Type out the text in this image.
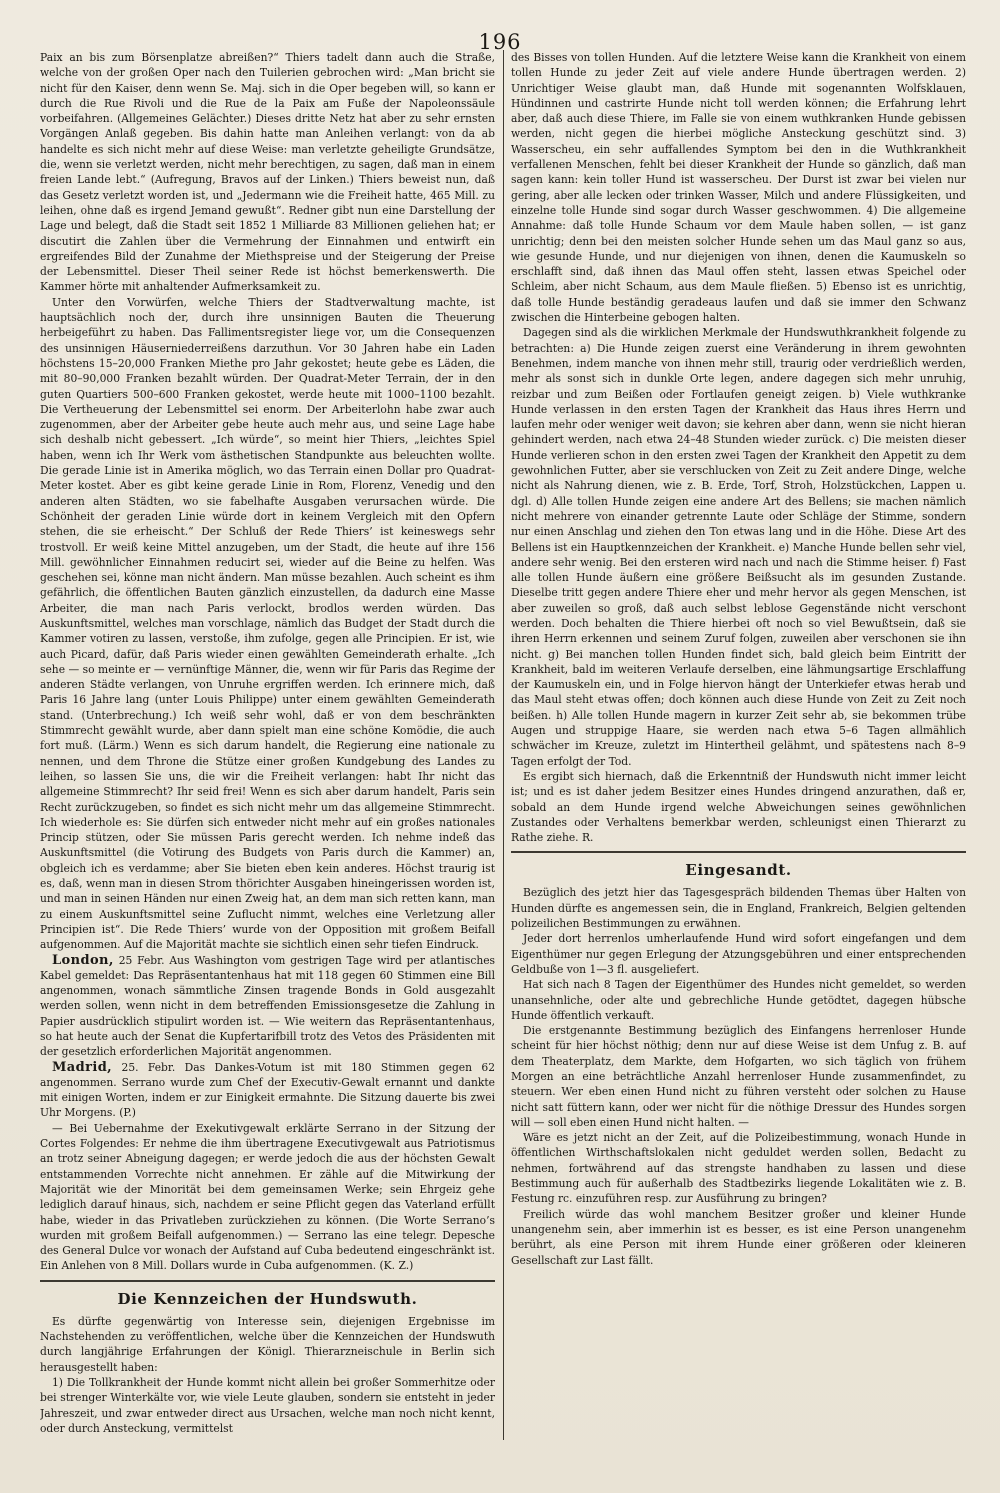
196

Paix an bis zum Börsenplatze abreißen?“ Thiers tadelt dann auch die Straße, welche von der großen Oper nach den Tuilerien gebrochen wird: „Man bricht sie nicht für den Kaiser, denn wenn Se. Maj. sich in die Oper begeben will, so kann er durch die Rue Rivoli und die Rue de la Paix am Fuße der Napoleonssäule vorbeifahren. (Allgemeines Gelächter.) Dieses dritte Netz hat aber zu sehr ernsten Vorgängen Anlaß gegeben. Bis dahin hatte man Anleihen verlangt: von da ab handelte es sich nicht mehr auf diese Weise: man verletzte geheiligte Grundsätze, die, wenn sie verletzt werden, nicht mehr berechtigen, zu sagen, daß man in einem freien Lande lebt.“ (Aufregung, Bravos auf der Linken.) Thiers beweist nun, daß das Gesetz verletzt worden ist, und „Jedermann wie die Freiheit hatte, 465 Mill. zu leihen, ohne daß es irgend Jemand gewußt“. Redner gibt nun eine Darstellung der Lage und belegt, daß die Stadt seit 1852 1 Milliarde 83 Millionen geliehen hat; er discutirt die Zahlen über die Vermehrung der Einnahmen und entwirft ein ergreifendes Bild der Zunahme der Miethspreise und der Steigerung der Preise der Lebensmittel. Dieser Theil seiner Rede ist höchst bemerkenswerth. Die Kammer hörte mit anhaltender Aufmerksamkeit zu.

Unter den Vorwürfen, welche Thiers der Stadtverwaltung machte, ist hauptsächlich noch der, durch ihre unsinnigen Bauten die Theuerung herbeigeführt zu haben. Das Fallimentsregister liege vor, um die Consequenzen des unsinnigen Häuserniederreißens darzuthun. Vor 30 Jahren habe ein Laden höchstens 15–20,000 Franken Miethe pro Jahr gekostet; heute gebe es Läden, die mit 80–90,000 Franken bezahlt würden. Der Quadrat-Meter Terrain, der in den guten Quartiers 500–600 Franken gekostet, werde heute mit 1000–1100 bezahlt. Die Vertheuerung der Lebensmittel sei enorm. Der Arbeiterlohn habe zwar auch zugenommen, aber der Arbeiter gebe heute auch mehr aus, und seine Lage habe sich deshalb nicht gebessert. „Ich würde“, so meint hier Thiers, „leichtes Spiel haben, wenn ich Ihr Werk vom ästhetischen Standpunkte aus beleuchten wollte. Die gerade Linie ist in Amerika möglich, wo das Terrain einen Dollar pro Quadrat-Meter kostet. Aber es gibt keine gerade Linie in Rom, Florenz, Venedig und den anderen alten Städten, wo sie fabelhafte Ausgaben verursachen würde. Die Schönheit der geraden Linie würde dort in keinem Vergleich mit den Opfern stehen, die sie erheischt.“ Der Schluß der Rede Thiers’ ist keineswegs sehr trostvoll. Er weiß keine Mittel anzugeben, um der Stadt, die heute auf ihre 156 Mill. gewöhnlicher Einnahmen reducirt sei, wieder auf die Beine zu helfen. Was geschehen sei, könne man nicht ändern. Man müsse bezahlen. Auch scheint es ihm gefährlich, die öffentlichen Bauten gänzlich einzustellen, da dadurch eine Masse Arbeiter, die man nach Paris verlockt, brodlos werden würden. Das Auskunftsmittel, welches man vorschlage, nämlich das Budget der Stadt durch die Kammer votiren zu lassen, verstoße, ihm zufolge, gegen alle Principien. Er ist, wie auch Picard, dafür, daß Paris wieder einen gewählten Gemeinderath erhalte. „Ich sehe — so meinte er — vernünftige Männer, die, wenn wir für Paris das Regime der anderen Städte verlangen, von Unruhe ergriffen werden. Ich erinnere mich, daß Paris 16 Jahre lang (unter Louis Philippe) unter einem gewählten Gemeinderath stand. (Unterbrechung.) Ich weiß sehr wohl, daß er von dem beschränkten Stimmrecht gewählt wurde, aber dann spielt man eine schöne Komödie, die auch fort muß. (Lärm.) Wenn es sich darum handelt, die Regierung eine nationale zu nennen, und dem Throne die Stütze einer großen Kundgebung des Landes zu leihen, so lassen Sie uns, die wir die Freiheit verlangen: habt Ihr nicht das allgemeine Stimmrecht? Ihr seid frei! Wenn es sich aber darum handelt, Paris sein Recht zurückzugeben, so findet es sich nicht mehr um das allgemeine Stimmrecht. Ich wiederhole es: Sie dürfen sich entweder nicht mehr auf ein großes nationales Princip stützen, oder Sie müssen Paris gerecht werden. Ich nehme indeß das Auskunftsmittel (die Votirung des Budgets von Paris durch die Kammer) an, obgleich ich es verdamme; aber Sie bieten eben kein anderes. Höchst traurig ist es, daß, wenn man in diesen Strom thörichter Ausgaben hineingerissen worden ist, und man in seinen Händen nur einen Zweig hat, an dem man sich retten kann, man zu einem Auskunftsmittel seine Zuflucht nimmt, welches eine Verletzung aller Principien ist“. Die Rede Thiers’ wurde von der Opposition mit großem Beifall aufgenommen. Auf die Majorität machte sie sichtlich einen sehr tiefen Eindruck.

London, 25 Febr. Aus Washington vom gestrigen Tage wird per atlantisches Kabel gemeldet: Das Repräsentantenhaus hat mit 118 gegen 60 Stimmen eine Bill angenommen, wonach sämmtliche Zinsen tragende Bonds in Gold ausgezahlt werden sollen, wenn nicht in dem betreffenden Emissionsgesetze die Zahlung in Papier ausdrücklich stipulirt worden ist. — Wie weitern das Repräsentantenhaus, so hat heute auch der Senat die Kupfertarifbill trotz des Vetos des Präsidenten mit der gesetzlich erforderlichen Majorität angenommen.

Madrid, 25. Febr. Das Dankes-Votum ist mit 180 Stimmen gegen 62 angenommen. Serrano wurde zum Chef der Executiv-Gewalt ernannt und dankte mit einigen Worten, indem er zur Einigkeit ermahnte. Die Sitzung dauerte bis zwei Uhr Morgens. (P.)

— Bei Uebernahme der Exekutivgewalt erklärte Serrano in der Sitzung der Cortes Folgendes: Er nehme die ihm übertragene Executivgewalt aus Patriotismus an trotz seiner Abneigung dagegen; er werde jedoch die aus der höchsten Gewalt entstammenden Vorrechte nicht annehmen. Er zähle auf die Mitwirkung der Majorität wie der Minorität bei dem gemeinsamen Werke; sein Ehrgeiz gehe lediglich darauf hinaus, sich, nachdem er seine Pflicht gegen das Vaterland erfüllt habe, wieder in das Privatleben zurückziehen zu können. (Die Worte Serrano’s wurden mit großem Beifall aufgenommen.) — Serrano las eine telegr. Depesche des General Dulce vor wonach der Aufstand auf Cuba bedeutend eingeschränkt ist. Ein Anlehen von 8 Mill. Dollars wurde in Cuba aufgenommen. (K. Z.)

Die Kennzeichen der Hundswuth.

Es dürfte gegenwärtig von Interesse sein, diejenigen Ergebnisse im Nachstehenden zu veröffentlichen, welche über die Kennzeichen der Hundswuth durch langjährige Erfahrungen der Königl. Thierarzneischule in Berlin sich herausgestellt haben:

1) Die Tollkrankheit der Hunde kommt nicht allein bei großer Sommerhitze oder bei strenger Winterkälte vor, wie viele Leute glauben, sondern sie entsteht in jeder Jahreszeit, und zwar entweder direct aus Ursachen, welche man noch nicht kennt, oder durch Ansteckung, vermittelst

des Bisses von tollen Hunden. Auf die letztere Weise kann die Krankheit von einem tollen Hunde zu jeder Zeit auf viele andere Hunde übertragen werden. 2) Unrichtiger Weise glaubt man, daß Hunde mit sogenannten Wolfsklauen, Hündinnen und castrirte Hunde nicht toll werden können; die Erfahrung lehrt aber, daß auch diese Thiere, im Falle sie von einem wuthkranken Hunde gebissen werden, nicht gegen die hierbei mögliche Ansteckung geschützt sind. 3) Wasserscheu, ein sehr auffallendes Symptom bei den in die Wuthkrankheit verfallenen Menschen, fehlt bei dieser Krankheit der Hunde so gänzlich, daß man sagen kann: kein toller Hund ist wasserscheu. Der Durst ist zwar bei vielen nur gering, aber alle lecken oder trinken Wasser, Milch und andere Flüssigkeiten, und einzelne tolle Hunde sind sogar durch Wasser geschwommen. 4) Die allgemeine Annahme: daß tolle Hunde Schaum vor dem Maule haben sollen, — ist ganz unrichtig; denn bei den meisten solcher Hunde sehen um das Maul ganz so aus, wie gesunde Hunde, und nur diejenigen von ihnen, denen die Kaumuskeln so erschlafft sind, daß ihnen das Maul offen steht, lassen etwas Speichel oder Schleim, aber nicht Schaum, aus dem Maule fließen. 5) Ebenso ist es unrichtig, daß tolle Hunde beständig geradeaus laufen und daß sie immer den Schwanz zwischen die Hinterbeine gebogen halten.

Dagegen sind als die wirklichen Merkmale der Hundswuthkrankheit folgende zu betrachten: a) Die Hunde zeigen zuerst eine Veränderung in ihrem gewohnten Benehmen, indem manche von ihnen mehr still, traurig oder verdrießlich werden, mehr als sonst sich in dunkle Orte legen, andere dagegen sich mehr unruhig, reizbar und zum Beißen oder Fortlaufen geneigt zeigen. b) Viele wuthkranke Hunde verlassen in den ersten Tagen der Krankheit das Haus ihres Herrn und laufen mehr oder weniger weit davon; sie kehren aber dann, wenn sie nicht hieran gehindert werden, nach etwa 24–48 Stunden wieder zurück. c) Die meisten dieser Hunde verlieren schon in den ersten zwei Tagen der Krankheit den Appetit zu dem gewohnlichen Futter, aber sie verschlucken von Zeit zu Zeit andere Dinge, welche nicht als Nahrung dienen, wie z. B. Erde, Torf, Stroh, Holzstückchen, Lappen u. dgl. d) Alle tollen Hunde zeigen eine andere Art des Bellens; sie machen nämlich nicht mehrere von einander getrennte Laute oder Schläge der Stimme, sondern nur einen Anschlag und ziehen den Ton etwas lang und in die Höhe. Diese Art des Bellens ist ein Hauptkennzeichen der Krankheit. e) Manche Hunde bellen sehr viel, andere sehr wenig. Bei den ersteren wird nach und nach die Stimme heiser. f) Fast alle tollen Hunde äußern eine größere Beißsucht als im gesunden Zustande. Dieselbe tritt gegen andere Thiere eher und mehr hervor als gegen Menschen, ist aber zuweilen so groß, daß auch selbst leblose Gegenstände nicht verschont werden. Doch behalten die Thiere hierbei oft noch so viel Bewußtsein, daß sie ihren Herrn erkennen und seinem Zuruf folgen, zuweilen aber verschonen sie ihn nicht. g) Bei manchen tollen Hunden findet sich, bald gleich beim Eintritt der Krankheit, bald im weiteren Verlaufe derselben, eine lähmungsartige Erschlaffung der Kaumuskeln ein, und in Folge hiervon hängt der Unterkiefer etwas herab und das Maul steht etwas offen; doch können auch diese Hunde von Zeit zu Zeit noch beißen. h) Alle tollen Hunde magern in kurzer Zeit sehr ab, sie bekommen trübe Augen und struppige Haare, sie werden nach etwa 5–6 Tagen allmählich schwächer im Kreuze, zuletzt im Hintertheil gelähmt, und spätestens nach 8–9 Tagen erfolgt der Tod.

Es ergibt sich hiernach, daß die Erkenntniß der Hundswuth nicht immer leicht ist; und es ist daher jedem Besitzer eines Hundes dringend anzurathen, daß er, sobald an dem Hunde irgend welche Abweichungen seines gewöhnlichen Zustandes oder Verhaltens bemerkbar werden, schleunigst einen Thierarzt zu Rathe ziehe. R.

Eingesandt.

Bezüglich des jetzt hier das Tagesgespräch bildenden Themas über Halten von Hunden dürfte es angemessen sein, die in England, Frankreich, Belgien geltenden polizeilichen Bestimmungen zu erwähnen.

Jeder dort herrenlos umherlaufende Hund wird sofort eingefangen und dem Eigenthümer nur gegen Erlegung der Atzungsgebühren und einer entsprechenden Geldbuße von 1—3 fl. ausgeliefert.

Hat sich nach 8 Tagen der Eigenthümer des Hundes nicht gemeldet, so werden unansehnliche, oder alte und gebrechliche Hunde getödtet, dagegen hübsche Hunde öffentlich verkauft.

Die erstgenannte Bestimmung bezüglich des Einfangens herrenloser Hunde scheint für hier höchst nöthig; denn nur auf diese Weise ist dem Unfug z. B. auf dem Theaterplatz, dem Markte, dem Hofgarten, wo sich täglich von frühem Morgen an eine beträchtliche Anzahl herrenloser Hunde zusammenfindet, zu steuern. Wer eben einen Hund nicht zu führen versteht oder solchen zu Hause nicht satt füttern kann, oder wer nicht für die nöthige Dressur des Hundes sorgen will — soll eben einen Hund nicht halten. —

Wäre es jetzt nicht an der Zeit, auf die Polizeibestimmung, wonach Hunde in öffentlichen Wirthschaftslokalen nicht geduldet werden sollen, Bedacht zu nehmen, fortwährend auf das strengste handhaben zu lassen und diese Bestimmung auch für außerhalb des Stadtbezirks liegende Lokalitäten wie z. B. Festung rc. einzuführen resp. zur Ausführung zu bringen?

Freilich würde das wohl manchem Besitzer großer und kleiner Hunde unangenehm sein, aber immerhin ist es besser, es ist eine Person unangenehm berührt, als eine Person mit ihrem Hunde einer größeren oder kleineren Gesellschaft zur Last fällt.
